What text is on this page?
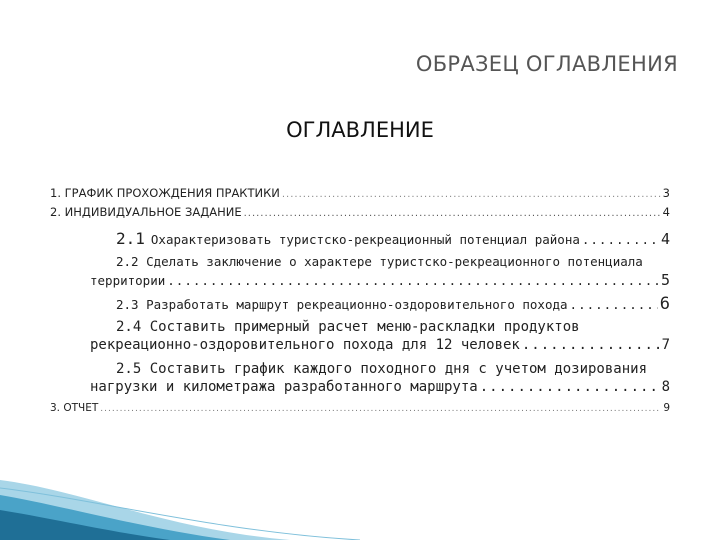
ОБРАЗЕЦ ОГЛАВЛЕНИЯ
ОГЛАВЛЕНИЕ
1. ГРАФИК ПРОХОЖДЕНИЯ ПРАКТИКИ .....	3
2. ИНДИВИДУАЛЬНОЕ ЗАДАНИЕ .....	4
2.1 Охарактеризовать туристско-рекреационный потенциал района .....	4
2.2 Сделать заключение о характере туристско-рекреационного потенциала
территории .....	5
2.3 Разработать маршрут рекреационно-оздоровительного похода .....	6
2.4 Составить примерный расчет меню-раскладки продуктов
рекреационно-оздоровительного похода для 12 человек .....	7
2.5 Составить график каждого походного дня с учетом дозирования
нагрузки и километража разработанного маршрута .....	8
3. ОТЧЕТ .....	9
